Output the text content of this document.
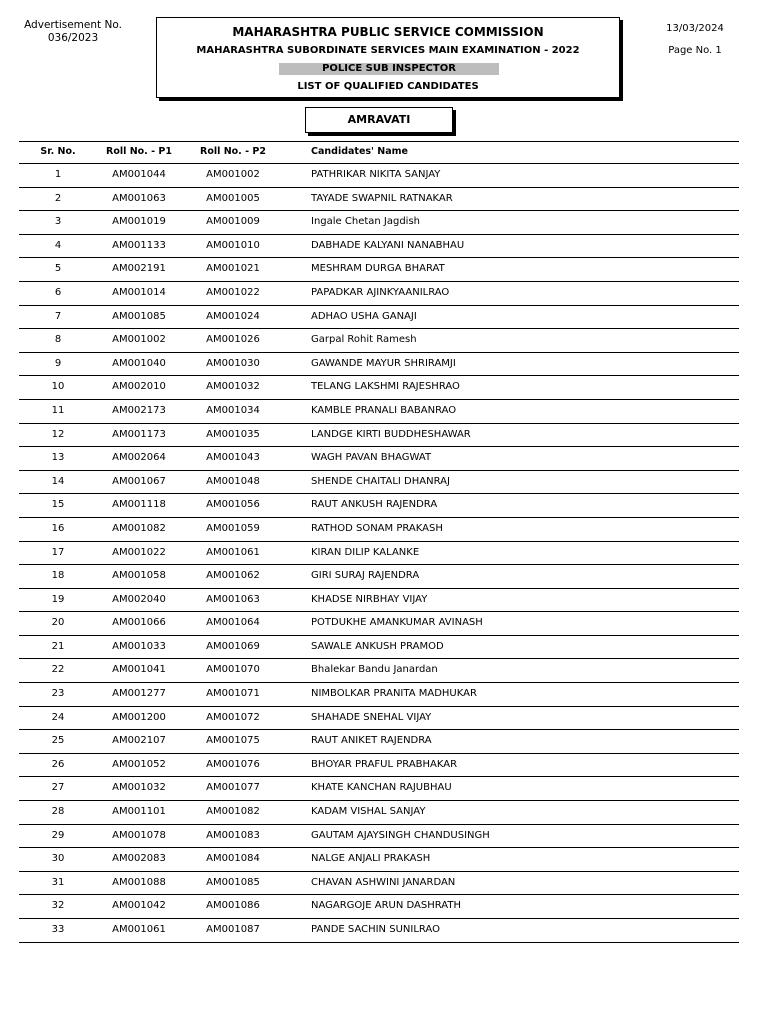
Advertisement No.
036/2023	MAHARASHTRA PUBLIC SERVICE COMMISSION
MAHARASHTRA SUBORDINATE SERVICES MAIN EXAMINATION - 2022
POLICE SUB INSPECTOR
LIST OF QUALIFIED CANDIDATES
13/03/2024
Page No. 1
AMRAVATI
Sr. No.	Roll No. - P1	Roll No. - P2	Candidates' Name
1	AM001044	AM001002	PATHRIKAR NIKITA SANJAY
2	AM001063	AM001005	TAYADE SWAPNIL RATNAKAR
3	AM001019	AM001009	Ingale Chetan Jagdish
4	AM001133	AM001010	DABHADE KALYANI NANABHAU
5	AM002191	AM001021	MESHRAM DURGA BHARAT
6	AM001014	AM001022	PAPADKAR AJINKYAANILRAO
7	AM001085	AM001024	ADHAO USHA GANAJI
8	AM001002	AM001026	Garpal Rohit Ramesh
9	AM001040	AM001030	GAWANDE MAYUR SHRIRAMJI
10	AM002010	AM001032	TELANG LAKSHMI RAJESHRAO
11	AM002173	AM001034	KAMBLE PRANALI BABANRAO
12	AM001173	AM001035	LANDGE KIRTI BUDDHESHAWAR
13	AM002064	AM001043	WAGH PAVAN BHAGWAT
14	AM001067	AM001048	SHENDE CHAITALI DHANRAJ
15	AM001118	AM001056	RAUT ANKUSH RAJENDRA
16	AM001082	AM001059	RATHOD SONAM PRAKASH
17	AM001022	AM001061	KIRAN DILIP KALANKE
18	AM001058	AM001062	GIRI SURAJ RAJENDRA
19	AM002040	AM001063	KHADSE NIRBHAY VIJAY
20	AM001066	AM001064	POTDUKHE AMANKUMAR AVINASH
21	AM001033	AM001069	SAWALE ANKUSH PRAMOD
22	AM001041	AM001070	Bhalekar Bandu Janardan
23	AM001277	AM001071	NIMBOLKAR PRANITA MADHUKAR
24	AM001200	AM001072	SHAHADE SNEHAL VIJAY
25	AM002107	AM001075	RAUT ANIKET RAJENDRA
26	AM001052	AM001076	BHOYAR PRAFUL PRABHAKAR
27	AM001032	AM001077	KHATE KANCHAN RAJUBHAU
28	AM001101	AM001082	KADAM VISHAL SANJAY
29	AM001078	AM001083	GAUTAM AJAYSINGH CHANDUSINGH
30	AM002083	AM001084	NALGE ANJALI PRAKASH
31	AM001088	AM001085	CHAVAN ASHWINI JANARDAN
32	AM001042	AM001086	NAGARGOJE ARUN DASHRATH
33	AM001061	AM001087	PANDE SACHIN SUNILRAO
